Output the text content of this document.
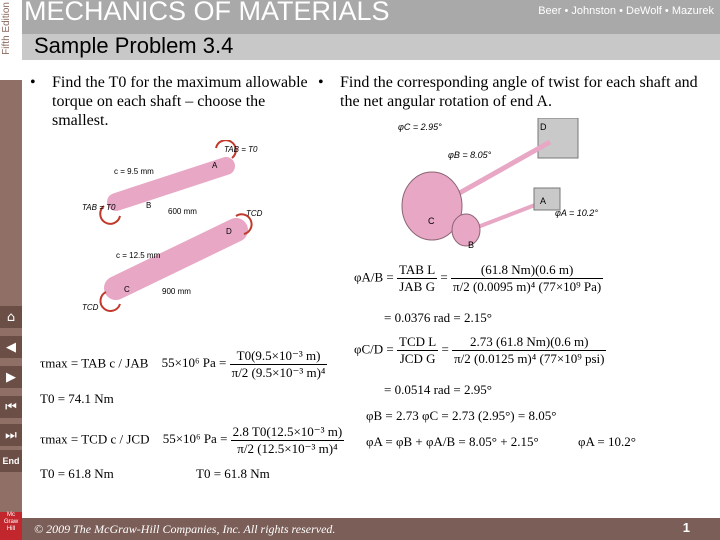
Fifth Edition
⌂
◀
▶
⏮
⏭
End
Mc Graw Hill
MECHANICS OF MATERIALS	Beer • Johnston • DeWolf • Mazurek
Sample Problem 3.4
• Find the T0 for the maximum allowable torque on each shaft – choose the smallest.
• Find the corresponding angle of twist for each shaft and the net angular rotation of end A.
φC = 2.95°
φB = 8.05°
φA = 10.2°
D
C
B
A
TAB = T0
c = 9.5 mm
TAB = T0	600 mm	TCD
c = 12.5 mm
900 mm
TCD
A
B
C
D
τmax = TAB c / JAB 55×10⁶ $Pa = \frac{\text{T0(9.5×10⁻³ m)}}{\text{π/2 (9.5×10⁻³ m)⁴}}$
T0 = 74.1 Nm
τmax = TCD c / JCD 55×10⁶ $Pa = \frac{\text{2.8 T0(12.5×10⁻³ m)}}{\text{π/2 (12.5×10⁻³ m)⁴}}$
T0 = 61.8 Nm	T0 = 61.8 Nm
$\varphi A/B = \frac{\text{TAB L}}{\text{JAB G}} = \frac{(61.8 Nm)(0.6 m)}{\text{π/2 (0.0095 m)⁴ (77×10⁹ Pa)}}$
= 0.0376 rad = 2.15°
$\varphi C/D = \frac{\text{TCD L}}{\text{JCD G}} = \frac{2.73 (61.8 Nm)(0.6 m)}{\text{π/2 (0.0125 m)⁴ (77×10⁹ psi)}}$
= 0.0514 rad = 2.95°
φB = 2.73 φC = 2.73 (2.95°) = 8.05°
φA = φB + φA/B = 8.05° + 2.15°	φA = 10.2°
© 2009 The McGraw-Hill Companies, Inc. All rights reserved.	1
